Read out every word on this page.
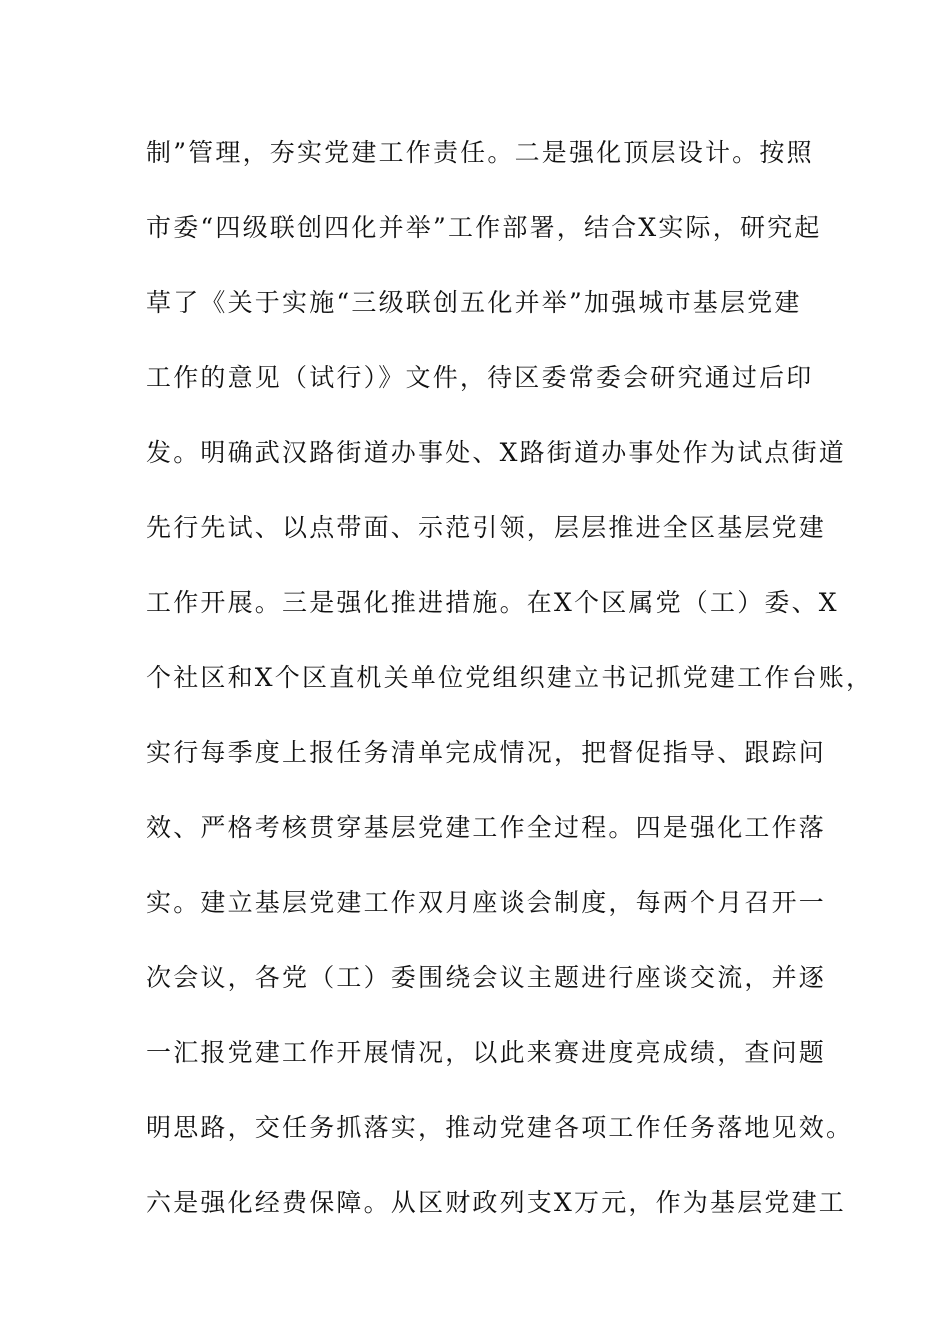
制”管理，夯实党建工作责任。二是强化顶层设计。按照
市委“四级联创四化并举”工作部署，结合X实际，研究起
草了《关于实施“三级联创五化并举”加强城市基层党建
工作的意见（试行）》文件，待区委常委会研究通过后印
发。明确武汉路街道办事处、X路街道办事处作为试点街道
先行先试、以点带面、示范引领，层层推进全区基层党建
工作开展。三是强化推进措施。在X个区属党（工）委、X
个社区和X个区直机关单位党组织建立书记抓党建工作台账，
实行每季度上报任务清单完成情况，把督促指导、跟踪问
效、严格考核贯穿基层党建工作全过程。四是强化工作落
实。建立基层党建工作双月座谈会制度，每两个月召开一
次会议，各党（工）委围绕会议主题进行座谈交流，并逐
一汇报党建工作开展情况，以此来赛进度亮成绩，查问题
明思路，交任务抓落实，推动党建各项工作任务落地见效。
六是强化经费保障。从区财政列支X万元，作为基层党建工
